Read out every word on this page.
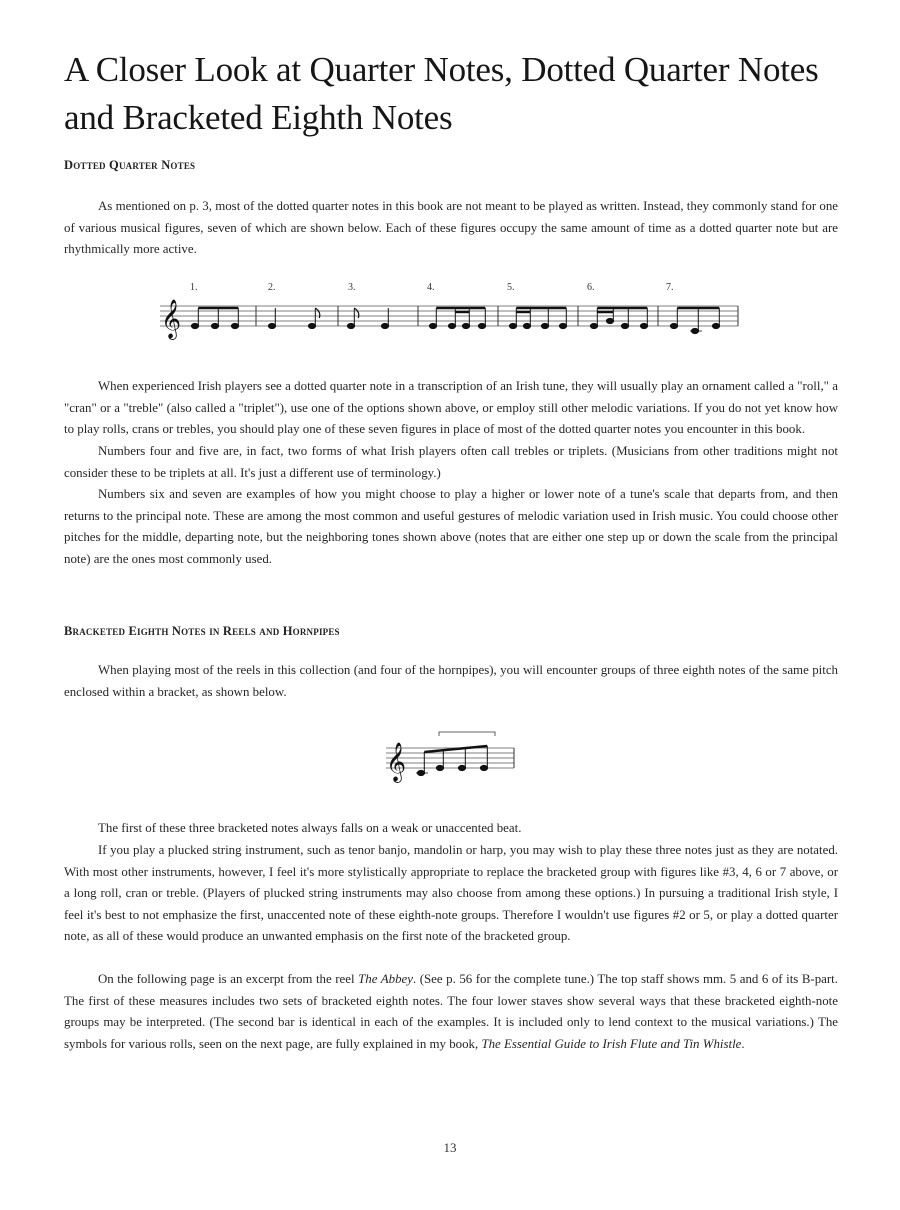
A Closer Look at Quarter Notes, Dotted Quarter Notes and Bracketed Eighth Notes
Dotted Quarter Notes

As mentioned on p. 3, most of the dotted quarter notes in this book are not meant to be played as written. Instead, they commonly stand for one of various musical figures, seven of which are shown below. Each of these figures occupy the same amount of time as a dotted quarter note but are rhythmically more active.

1.	2.	3.	4.	5.	6.	7.
𝄞

When experienced Irish players see a dotted quarter note in a transcription of an Irish tune, they will usually play an ornament called a "roll," a "cran" or a "treble" (also called a "triplet"), use one of the options shown above, or employ still other melodic variations. If you do not yet know how to play rolls, crans or trebles, you should play one of these seven figures in place of most of the dotted quarter notes you encounter in this book.

Numbers four and five are, in fact, two forms of what Irish players often call trebles or triplets. (Musicians from other traditions might not consider these to be triplets at all. It's just a different use of terminology.)

Numbers six and seven are examples of how you might choose to play a higher or lower note of a tune's scale that departs from, and then returns to the principal note. These are among the most common and useful gestures of melodic variation used in Irish music. You could choose other pitches for the middle, departing note, but the neighboring tones shown above (notes that are either one step up or down the scale from the principal note) are the ones most commonly used.

Bracketed Eighth Notes in Reels and Hornpipes

When playing most of the reels in this collection (and four of the hornpipes), you will encounter groups of three eighth notes of the same pitch enclosed within a bracket, as shown below.

𝄞

The first of these three bracketed notes always falls on a weak or unaccented beat.

If you play a plucked string instrument, such as tenor banjo, mandolin or harp, you may wish to play these three notes just as they are notated. With most other instruments, however, I feel it's more stylistically appropriate to replace the bracketed group with figures like #3, 4, 6 or 7 above, or a long roll, cran or treble. (Players of plucked string instruments may also choose from among these options.) In pursuing a traditional Irish style, I feel it's best to not emphasize the first, unaccented note of these eighth-note groups. Therefore I wouldn't use figures #2 or 5, or play a dotted quarter note, as all of these would produce an unwanted emphasis on the first note of the bracketed group.

On the following page is an excerpt from the reel The Abbey. (See p. 56 for the complete tune.) The top staff shows mm. 5 and 6 of its B-part. The first of these measures includes two sets of bracketed eighth notes. The four lower staves show several ways that these bracketed eighth-note groups may be interpreted. (The second bar is identical in each of the examples. It is included only to lend context to the musical variations.) The symbols for various rolls, seen on the next page, are fully explained in my book, The Essential Guide to Irish Flute and Tin Whistle.

13
